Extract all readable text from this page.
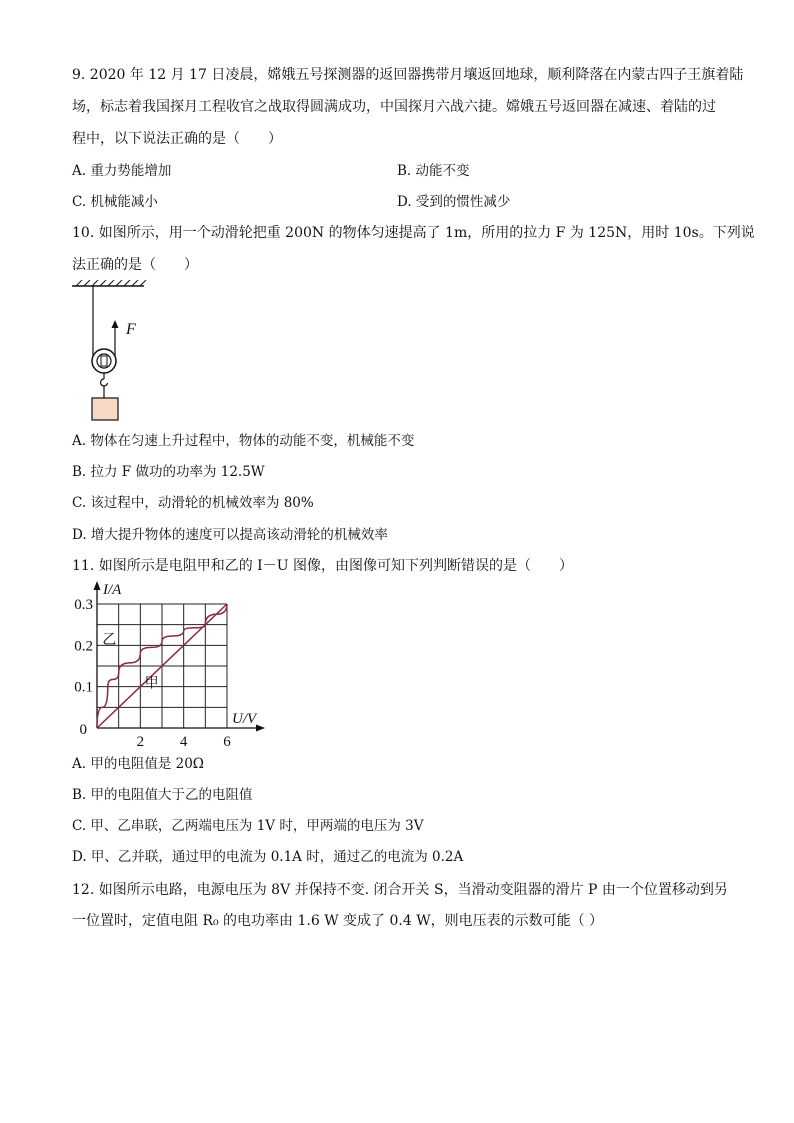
9. 2020 年 12 月 17 日凌晨，嫦娥五号探测器的返回器携带月壤返回地球，顺利降落在内蒙古四子王旗着陆
场，标志着我国探月工程收官之战取得圆满成功，中国探月六战六捷。嫦娥五号返回器在减速、着陆的过
程中，以下说法正确的是（　　）
A. 重力势能增加	B. 动能不变
C. 机械能减小	D. 受到的惯性减少
10. 如图所示，用一个动滑轮把重 200N 的物体匀速提高了 1m，所用的拉力 F 为 125N，用时 10s。下列说
法正确的是（　　）
F
A. 物体在匀速上升过程中，物体的动能不变，机械能不变
B. 拉力 F 做功的功率为 12.5W
C. 该过程中，动滑轮的机械效率为 80%
D. 增大提升物体的速度可以提高该动滑轮的机械效率
11. 如图所示是电阻甲和乙的 I－U 图像，由图像可知下列判断错误的是（　　）
0.1
0.2
0.3
2 4 6
0
I/A
U/V
甲
乙
A. 甲的电阻值是 20Ω
B. 甲的电阻值大于乙的电阻值
C. 甲、乙串联，乙两端电压为 1V 时，甲两端的电压为 3V
D. 甲、乙并联，通过甲的电流为 0.1A 时，通过乙的电流为 0.2A
12. 如图所示电路，电源电压为 8V 并保持不变. 闭合开关 S，当滑动变阻器的滑片 P 由一个位置移动到另
一位置时，定值电阻 R₀ 的电功率由 1.6 W 变成了 0.4 W，则电压表的示数可能（ ）
